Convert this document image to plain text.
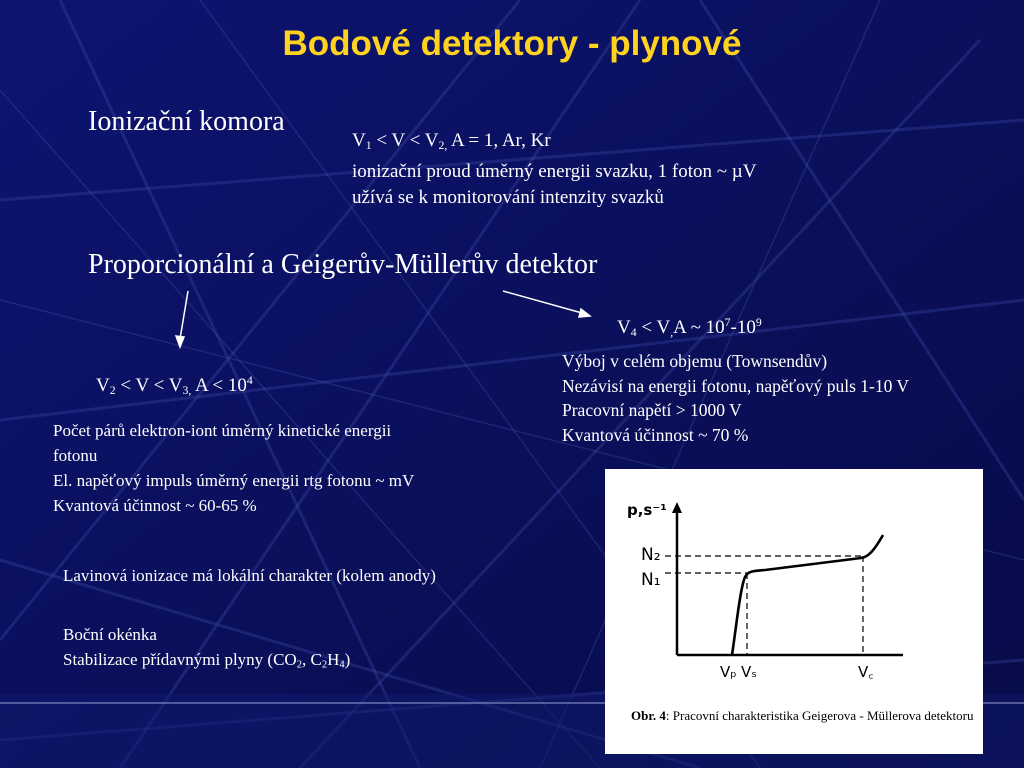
Bodové detektory - plynové
Ionizační komora
$V_1 < V < V_{2,}$ A = 1, Ar, Kr
ionizační proud úměrný energii svazku, 1 foton ~ µV
užívá se k monitorování intenzity svazků
Proporcionální a Geigerův-Müllerův detektor
$V_4 < V_,A$ ~ $10^7-10^9$
Výboj v celém objemu (Townsendův)
Nezávisí na energii fotonu, napěťový puls 1-10 V
Pracovní napětí > 1000 V
Kvantová účinnost ~ 70 %
$V_2 < V < V_{3,}$ $A < 10^4$
Počet párů elektron-iont úměrný kinetické energii
fotonu
El. napěťový impuls úměrný energii rtg fotonu ~ mV
Kvantová účinnost ~ 60-65 %
Lavinová ionizace má lokální charakter (kolem anody)
Boční okénka
Stabilizace přídavnými plyny ($CO_2$, $C_2H_4$)
p,s⁻¹
N₂
N₁
Vₚ Vₛ	V꜀
Obr. 4: Pracovní charakteristika Geigerova - Müllerova detektoru
